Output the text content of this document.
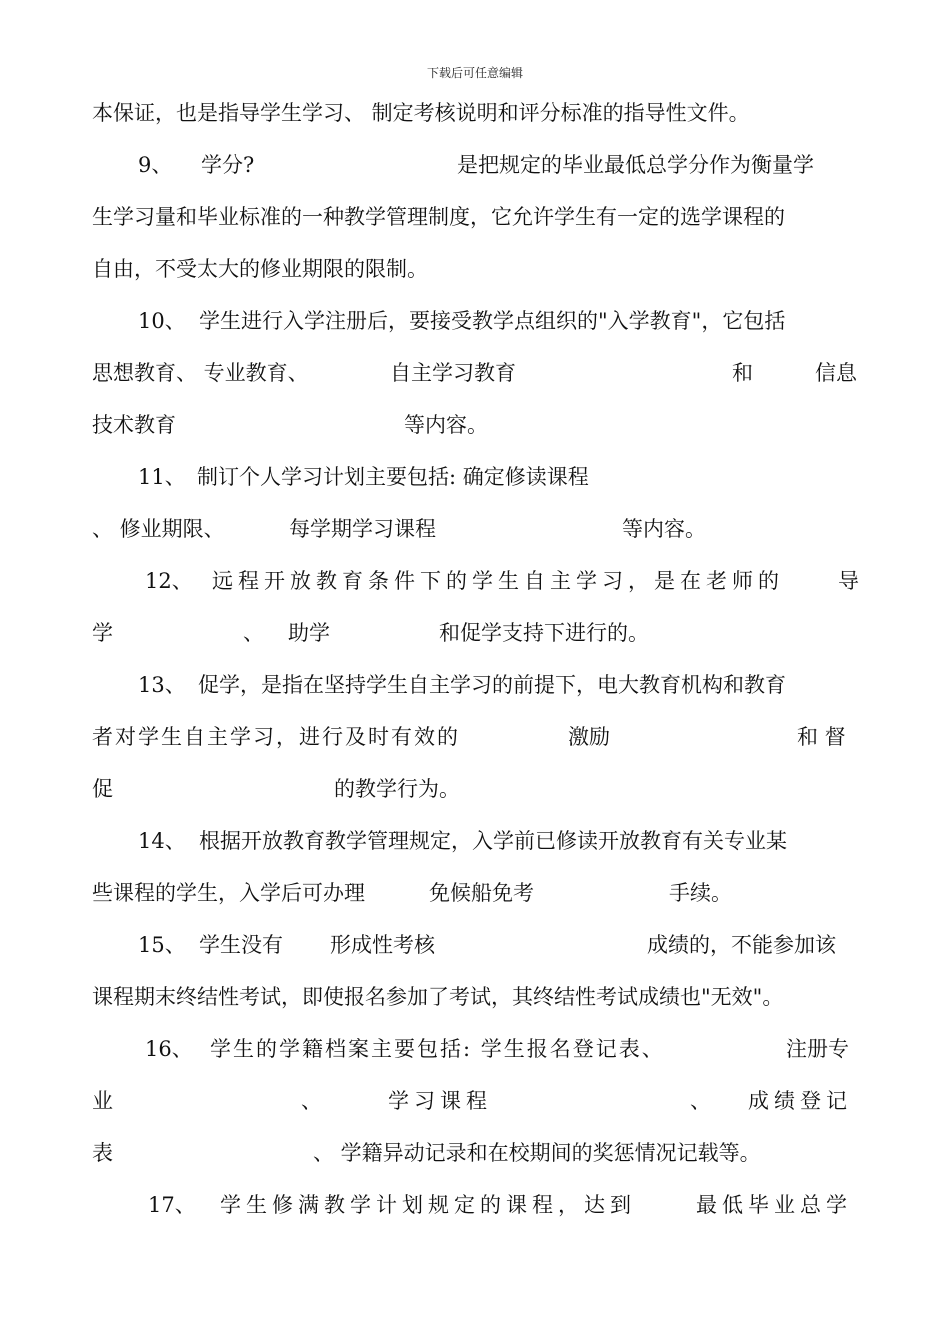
下载后可任意编辑
本保证，也是指导学生学习、 制定考核说明和评分标准的指导性文件。
9、 学分?	是把规定的毕业最低总学分作为衡量学
生学习量和毕业标准的一种教学管理制度，它允许学生有一定的选学课程的
自由，不受太大的修业期限的限制。
10、 学生进行入学注册后，要接受教学点组织的"入学教育"，它包括
思想教育、 专业教育、	自主学习教育	和	信息
技术教育	等内容。
11、 制订个人学习计划主要包括: 确定修读课程
、 修业期限、	每学期学习课程	等内容。
12、 远程开放教育条件下的学生自主学习，是在老师的	导
学	、 助学	和促学支持下进行的。
13、 促学，是指在坚持学生自主学习的前提下，电大教育机构和教育
者对学生自主学习，进行及时有效的	激励	和 督
促	的教学行为。
14、 根据开放教育教学管理规定，入学前已修读开放教育有关专业某
些课程的学生，入学后可办理	免候船免考	手续。
15、 学生没有 形成性考核	成绩的，不能参加该
课程期末终结性考试，即使报名参加了考试，其终结性考试成绩也"无效"。
16、 学生的学籍档案主要包括: 学生报名登记表、	注册专
业	、	学习课程	、 成绩登记
表	、 学籍异动记录和在校期间的奖惩情况记载等。
17、 学生修满教学计划规定的课程，达到	最低毕业总学
